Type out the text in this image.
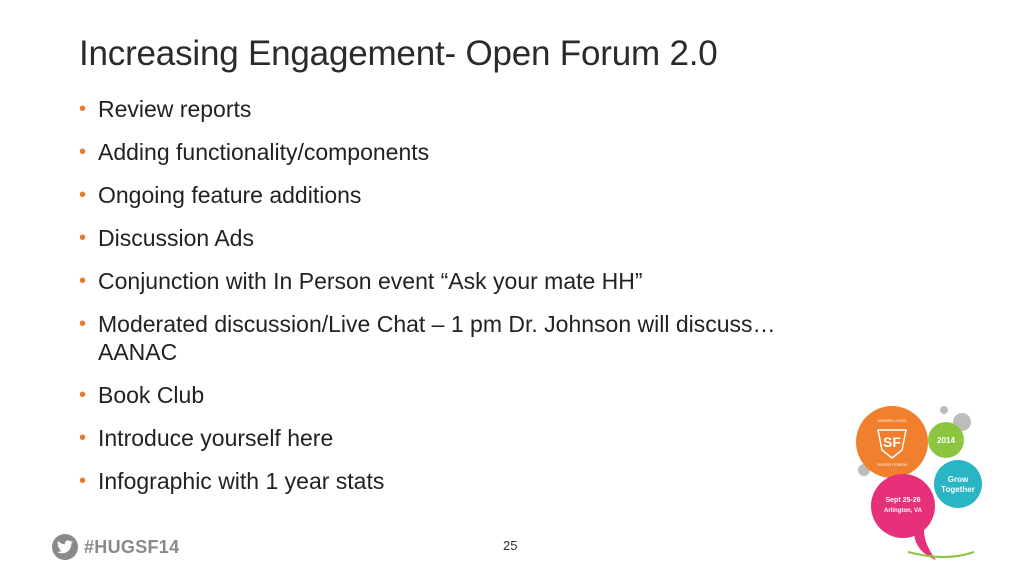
Increasing Engagement- Open Forum 2.0
• Review reports
• Adding functionality/components
• Ongoing feature additions
• Discussion Ads
• Conjunction with In Person event “Ask your mate HH”
• Moderated discussion/Live Chat – 1 pm Dr. Johnson will discuss…AANAC
• Book Club
• Introduce yourself here
• Infographic with 1 year stats
#HUGSF14	25
2014
Grow
Together
Sept 25-26
Arlington, VA
SF
HIGHER LOGIC
SUPER FORUM
